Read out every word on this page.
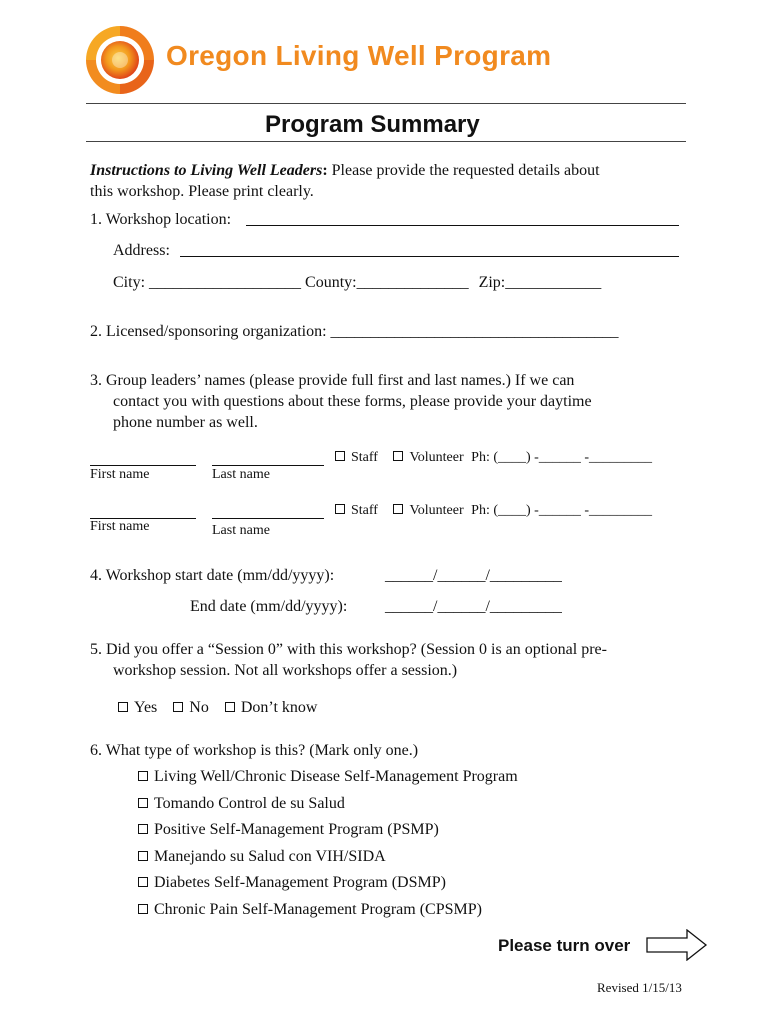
Oregon Living Well Program
Program Summary
Instructions to Living Well Leaders: Please provide the requested details about
this workshop. Please print clearly.
1. Workshop location:
Address:
City: ___________________ County:______________ Zip:____________
2. Licensed/sponsoring organization: ____________________________________
3. Group leaders’ names (please provide full first and last names.) If we can
contact you with questions about these forms, please provide your daytime
phone number as well.
First name	Last name
Staff Volunteer Ph: (____) -______ -_________
First name	Last name
Staff Volunteer Ph: (____) -______ -_________
4. Workshop start date (mm/dd/yyyy):	______/______/_________
End date (mm/dd/yyyy): ______/______/_________
5. Did you offer a “Session 0” with this workshop? (Session 0 is an optional pre-
workshop session. Not all workshops offer a session.)
Yes No Don’t know
6. What type of workshop is this? (Mark only one.)
Living Well/Chronic Disease Self-Management Program
Tomando Control de su Salud
Positive Self-Management Program (PSMP)
Manejando su Salud con VIH/SIDA
Diabetes Self-Management Program (DSMP)
Chronic Pain Self-Management Program (CPSMP)
Please turn over
Revised 1/15/13
